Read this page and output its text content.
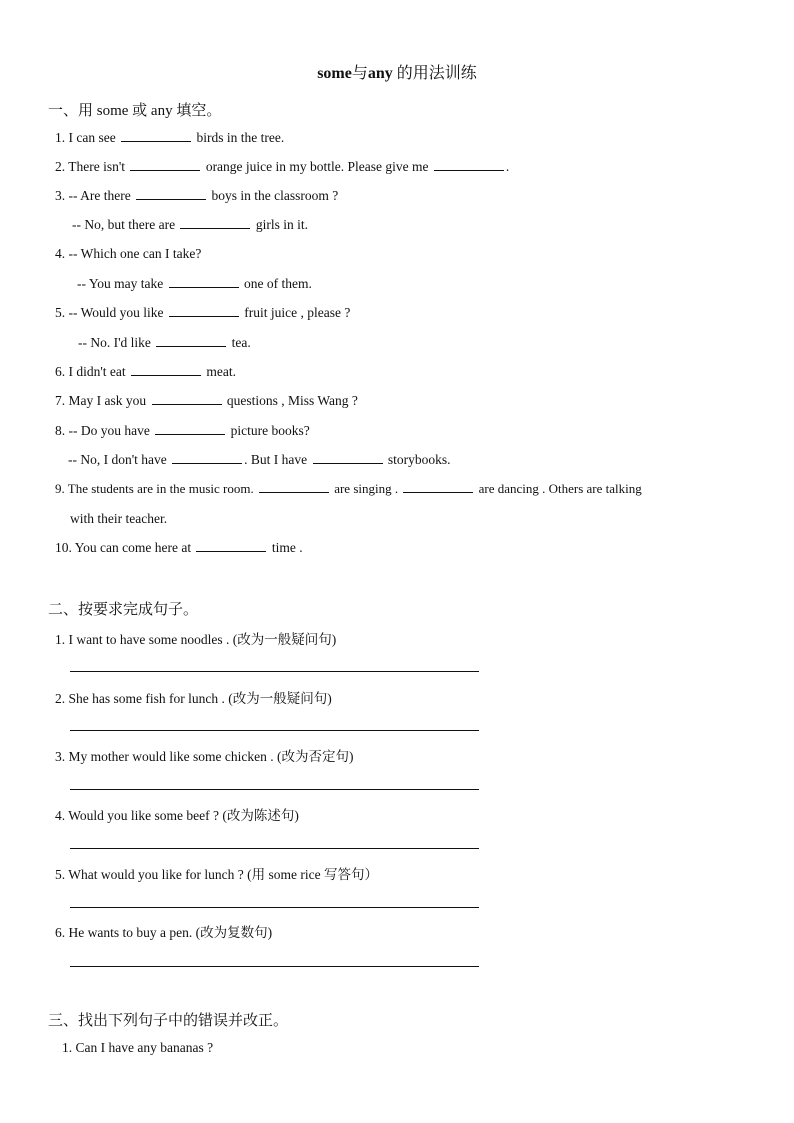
some与any 的用法训练
一、用 some 或 any 填空。
1. I can see	birds in the tree.
2. There isn't	orange juice in my bottle. Please give me	.
3. -- Are there	boys in the classroom ?
-- No, but there are	girls in it.
4. -- Which one can I take?
-- You may take	one of them.
5. -- Would you like	fruit juice , please ?
-- No. I'd like	tea.
6. I didn't eat	meat.
7. May I ask you	questions , Miss Wang ?
8. -- Do you have	picture books?
-- No, I don't have	. But I have	storybooks.
9. The students are in the music room.	are singing .	are dancing . Others are talking
with their teacher.
10. You can come here at	time .
二、按要求完成句子。
1. I want to have some noodles . (改为一般疑问句)
2. She has some fish for lunch . (改为一般疑问句)
3. My mother would like some chicken . (改为否定句)
4. Would you like some beef ? (改为陈述句)
5. What would you like for lunch ? (用 some rice 写答句）
6. He wants to buy a pen. (改为复数句)
三、找出下列句子中的错误并改正。
1. Can I have any bananas ?
